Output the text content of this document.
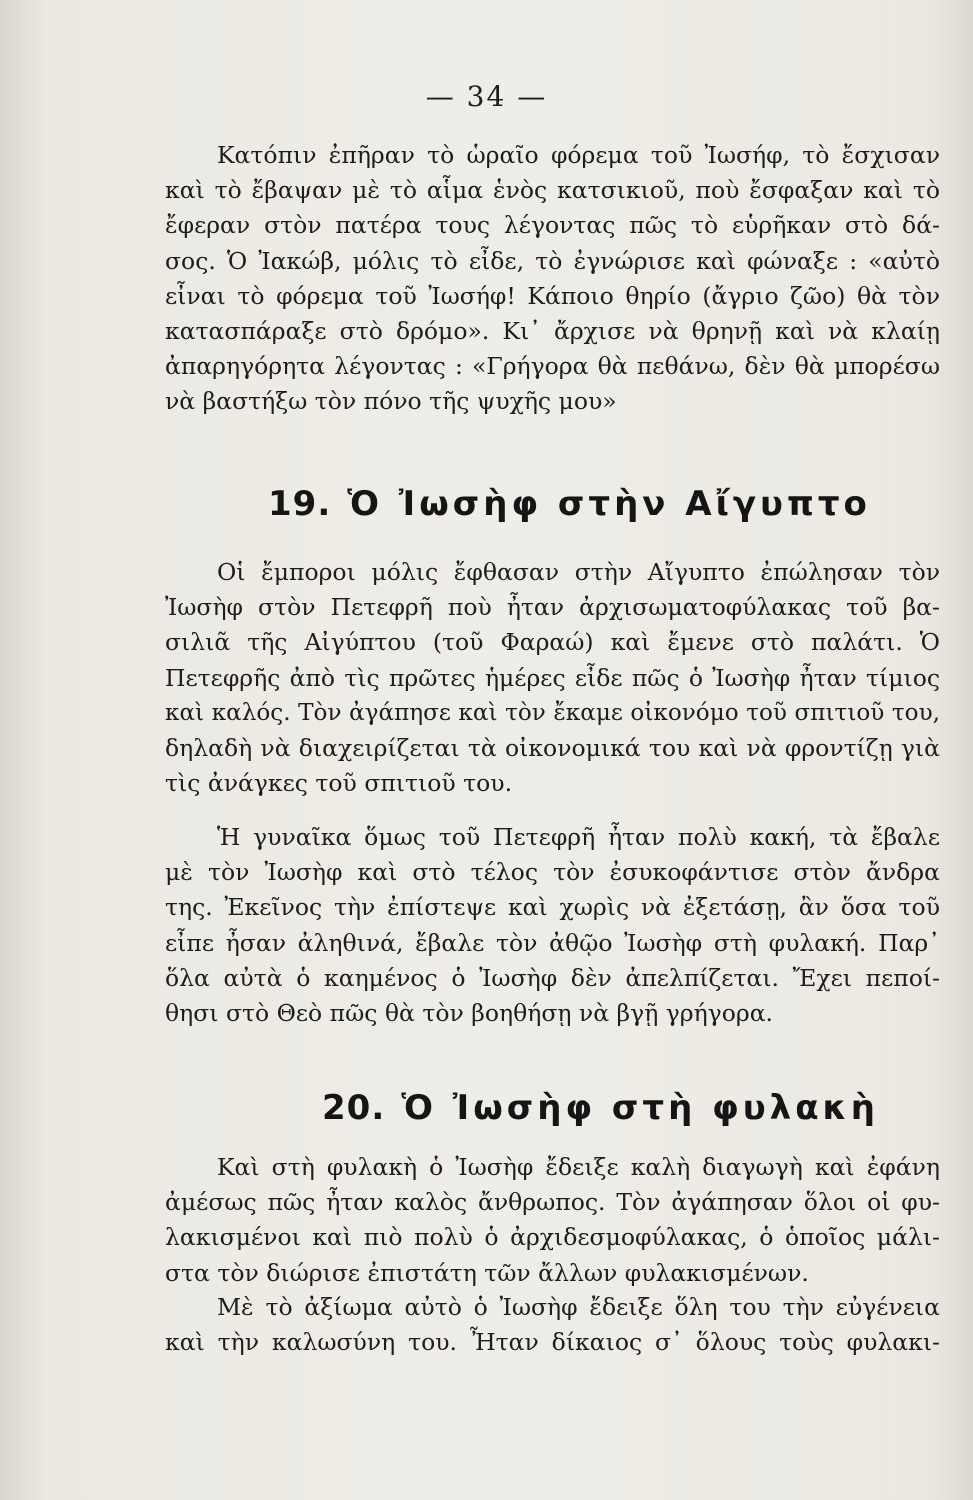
— 34 —
Κατόπιν ἐπῆραν τὸ ὡραῖο φόρεμα τοῦ Ἰωσήφ, τὸ ἔσχισαν
καὶ τὸ ἔβαψαν μὲ τὸ αἷμα ἑνὸς κατσικιοῦ, ποὺ ἔσφαξαν καὶ τὸ
ἔφεραν στὸν πατέρα τους λέγοντας πῶς τὸ εὑρῆκαν στὸ δά-
σος. Ὁ Ἰακώβ, μόλις τὸ εἶδε, τὸ ἐγνώρισε καὶ φώναξε : «αὐτὸ
εἶναι τὸ φόρεμα τοῦ Ἰωσήφ! Κάποιο θηρίο (ἄγριο ζῶο) θὰ τὸν
κατασπάραξε στὸ δρόμο». Κι᾽ ἄρχισε νὰ θρηνῇ καὶ νὰ κλαίῃ
ἀπαρηγόρητα λέγοντας : «Γρήγορα θὰ πεθάνω, δὲν θὰ μπορέσω
νὰ βαστήξω τὸν πόνο τῆς ψυχῆς μου»
19. Ὁ Ἰωσὴφ στὴν Αἴγυπτο
Οἱ ἔμποροι μόλις ἔφθασαν στὴν Αἴγυπτο ἐπώλησαν τὸν
Ἰωσὴφ στὸν Πετεφρῆ ποὺ ἦταν ἀρχισωματοφύλακας τοῦ βα-
σιλιᾶ τῆς Αἰγύπτου (τοῦ Φαραώ) καὶ ἔμενε στὸ παλάτι. Ὁ
Πετεφρῆς ἀπὸ τὶς πρῶτες ἡμέρες εἶδε πῶς ὁ Ἰωσὴφ ἦταν τίμιος
καὶ καλός. Τὸν ἀγάπησε καὶ τὸν ἔκαμε οἰκονόμο τοῦ σπιτιοῦ του,
δηλαδὴ νὰ διαχειρίζεται τὰ οἰκονομικά του καὶ νὰ φροντίζῃ γιὰ
τὶς ἀνάγκες τοῦ σπιτιοῦ του.
Ἡ γυναῖκα ὅμως τοῦ Πετεφρῆ ἦταν πολὺ κακή, τὰ ἔβαλε
μὲ τὸν Ἰωσὴφ καὶ στὸ τέλος τὸν ἐσυκοφάντισε στὸν ἄνδρα
της. Ἐκεῖνος τὴν ἐπίστεψε καὶ χωρὶς νὰ ἐξετάσῃ, ἂν ὅσα τοῦ
εἶπε ἦσαν ἀληθινά, ἔβαλε τὸν ἀθῷο Ἰωσὴφ στὴ φυλακή. Παρ᾽
ὅλα αὐτὰ ὁ καημένος ὁ Ἰωσὴφ δὲν ἀπελπίζεται. Ἔχει πεποί-
θησι στὸ Θεὸ πῶς θὰ τὸν βοηθήσῃ νὰ βγῇ γρήγορα.
20. Ὁ Ἰωσὴφ στὴ φυλακὴ
Καὶ στὴ φυλακὴ ὁ Ἰωσὴφ ἔδειξε καλὴ διαγωγὴ καὶ ἐφάνη
ἀμέσως πῶς ἦταν καλὸς ἄνθρωπος. Τὸν ἀγάπησαν ὅλοι οἱ φυ-
λακισμένοι καὶ πιὸ πολὺ ὁ ἀρχιδεσμοφύλακας, ὁ ὁποῖος μάλι-
στα τὸν διώρισε ἐπιστάτη τῶν ἄλλων φυλακισμένων.
Μὲ τὸ ἀξίωμα αὐτὸ ὁ Ἰωσὴφ ἔδειξε ὅλη του τὴν εὐγένεια
καὶ τὴν καλωσύνη του. Ἦταν δίκαιος σ᾽ ὅλους τοὺς φυλακι-
